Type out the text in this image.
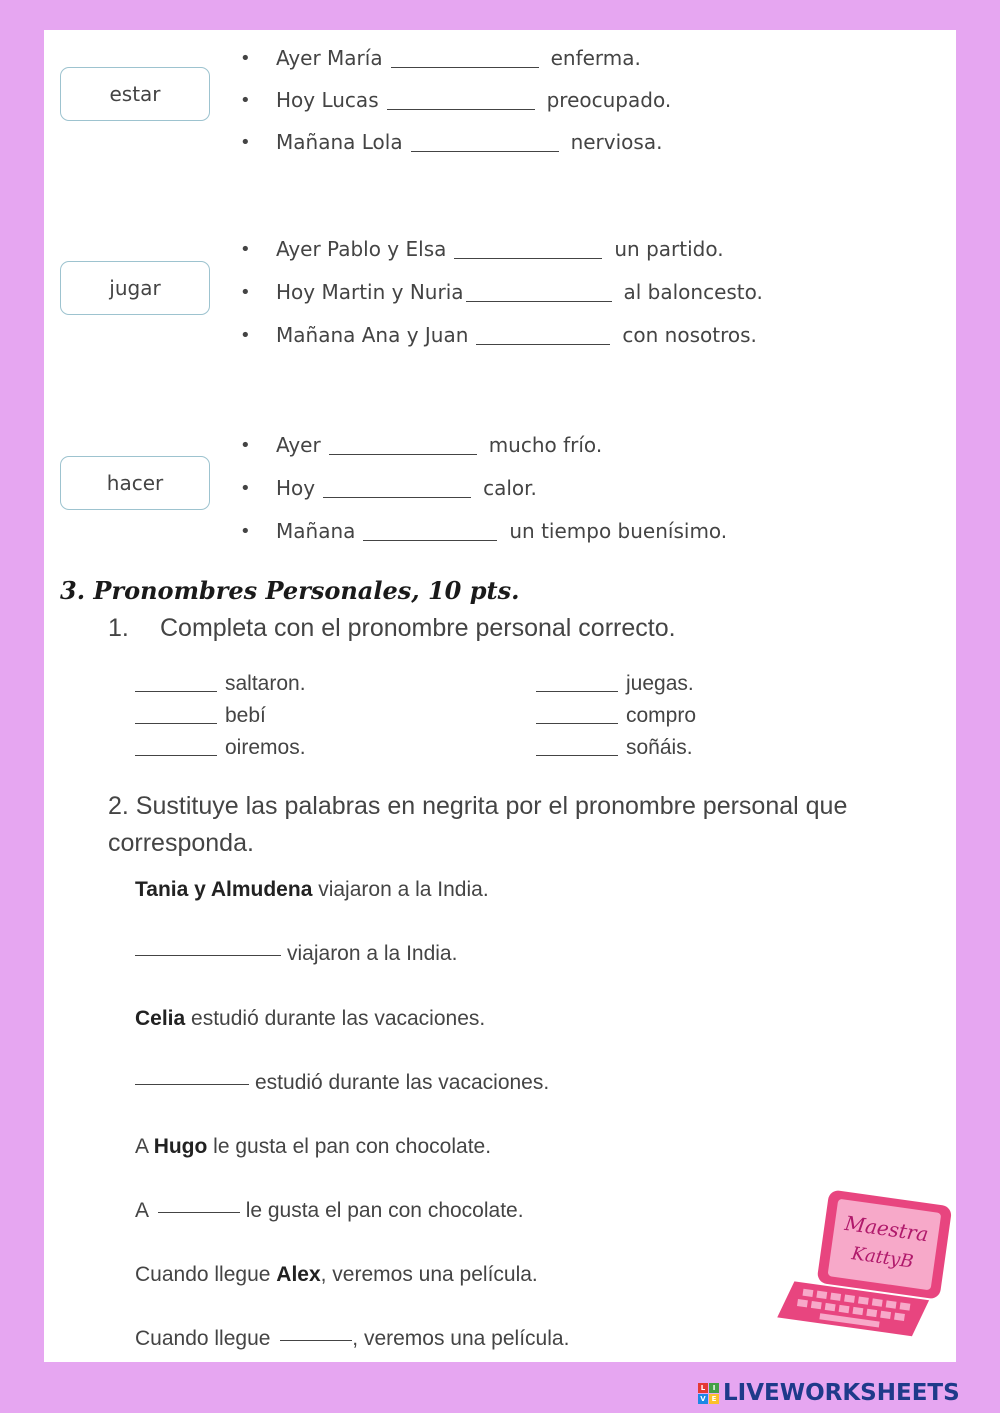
estar
•	Ayer María	enferma.
•	Hoy Lucas	preocupado.
•	Mañana Lola	nerviosa.
jugar
•	Ayer Pablo y Elsa	un partido.
•	Hoy Martin y Nuria	al baloncesto.
•	Mañana Ana y Juan	con nosotros.
hacer
•	Ayer	mucho frío.
•	Hoy	calor.
•	Mañana	un tiempo buenísimo.
3. Pronombres Personales, 10 pts.
1. Completa con el pronombre personal correcto.
saltaron.
bebí
oiremos.
juegas.
compro
soñáis.
2. Sustituye las palabras en negrita por el pronombre personal que corresponda.
Tania y Almudena viajaron a la India.
viajaron a la India.
Celia estudió durante las vacaciones.
estudió durante las vacaciones.
A Hugo le gusta el pan con chocolate.
A	le gusta el pan con chocolate.
Cuando llegue Alex, veremos una película.
Cuando llegue	, veremos una película.
Maestra
KattyB
L	I
V E LIVEWORKSHEETS
